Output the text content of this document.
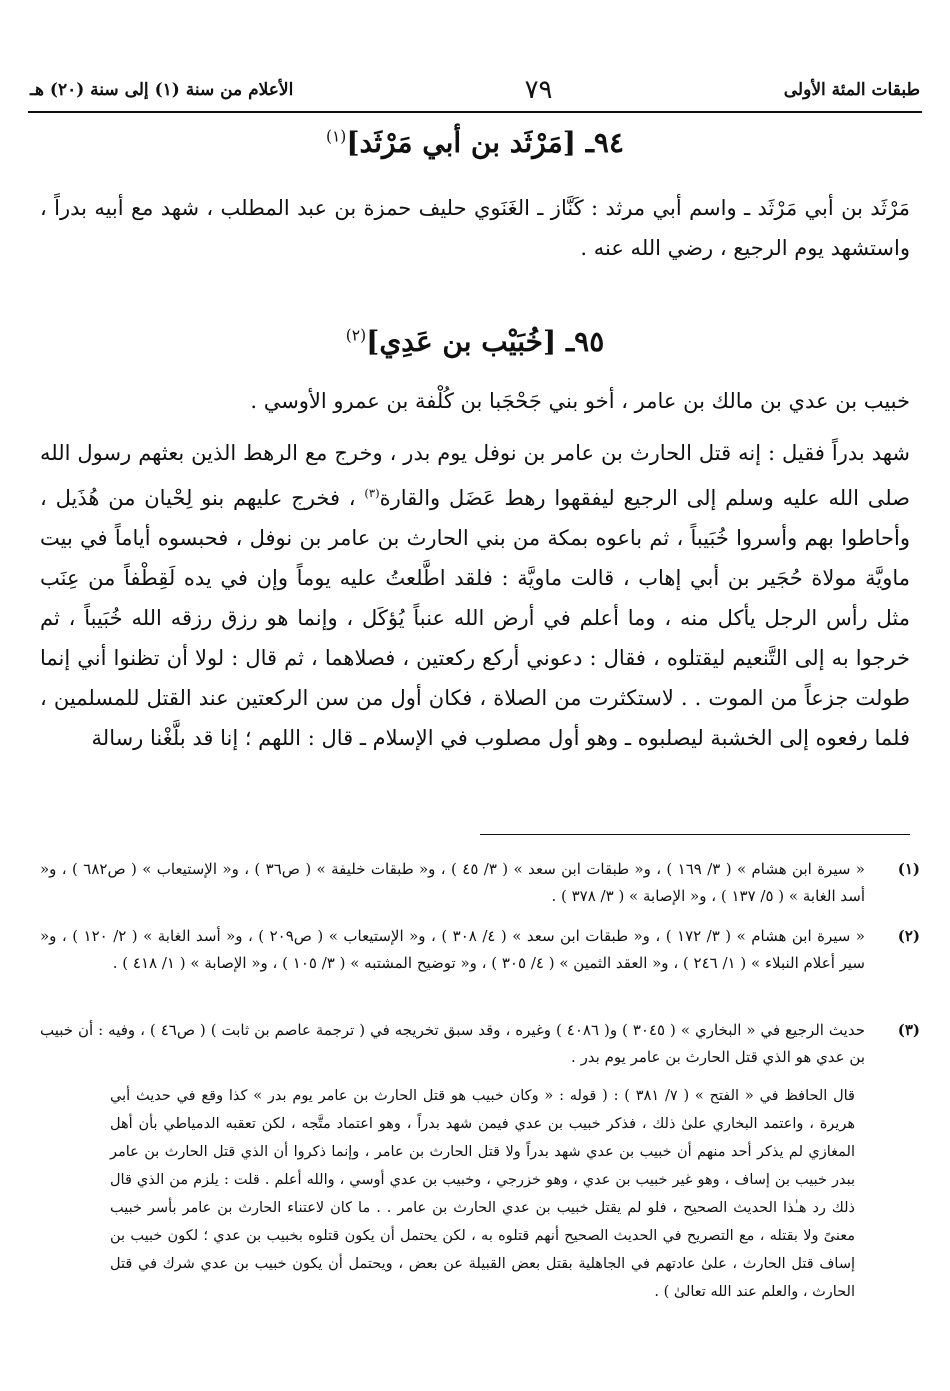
طبقات المئة الأولى
٧٩
الأعلام من سنة (١) إلى سنة (٢٠) هـ
٩٤ـ [مَرْثَد بن أبي مَرْثَد]$^{(١)}$
مَرْثَد بن أبي مَرْثَد ـ واسم أبي مرثد : كَنَّاز ـ الغَنَوي حليف حمزة بن عبد المطلب ، شهد مع أبيه بدراً ، واستشهد يوم الرجيع ، رضي الله عنه .
٩٥ـ [خُبَيْب بن عَدِي]$^{(٢)}$
خبيب بن عدي بن مالك بن عامر ، أخو بني جَحْجَبا بن كُلْفة بن عمرو الأوسي .
شهد بدراً فقيل : إنه قتل الحارث بن عامر بن نوفل يوم بدر ، وخرج مع الرهط الذين بعثهم رسول الله صلى الله عليه وسلم إلى الرجيع ليفقهوا رهط عَضَل والقارة$^{(٣)}$ ، فخرج عليهم بنو لِحْيان من هُذَيل ، وأحاطوا بهم وأسروا خُبَيباً ، ثم باعوه بمكة من بني الحارث بن عامر بن نوفل ، فحبسوه أياماً في بيت ماويَّة مولاة حُجَير بن أبي إهاب ، قالت ماويَّة : فلقد اطَّلعتُ عليه يوماً وإن في يده لَقِطْفاً من عِنَب مثل رأس الرجل يأكل منه ، وما أعلم في أرض الله عنباً يُؤكَل ، وإنما هو رزق رزقه الله خُبَيباً ، ثم خرجوا به إلى التَّنعيم ليقتلوه ، فقال : دعوني أركع ركعتين ، فصلاهما ، ثم قال : لولا أن تظنوا أني إنما طولت جزعاً من الموت . . لاستكثرت من الصلاة ، فكان أول من سن الركعتين عند القتل للمسلمين ، فلما رفعوه إلى الخشبة ليصلبوه ـ وهو أول مصلوب في الإسلام ـ قال : اللهم ؛ إنا قد بلَّغْنا رسالة
(١)
« سيرة ابن هشام » ( ٣/ ١٦٩ ) ، و« طبقات ابن سعد » ( ٣/ ٤٥ ) ، و« طبقات خليفة » ( ص٣٦ ) ، و« الإستيعاب » ( ص٦٨٢ ) ، و« أسد الغابة » ( ٥/ ١٣٧ ) ، و« الإصابة » ( ٣/ ٣٧٨ ) .
(٢)
« سيرة ابن هشام » ( ٣/ ١٧٢ ) ، و« طبقات ابن سعد » ( ٤/ ٣٠٨ ) ، و« الإستيعاب » ( ص٢٠٩ ) ، و« أسد الغابة » ( ٢/ ١٢٠ ) ، و« سير أعلام النبلاء » ( ١/ ٢٤٦ ) ، و« العقد الثمين » ( ٤/ ٣٠٥ ) ، و« توضيح المشتبه » ( ٣/ ١٠٥ ) ، و« الإصابة » ( ١/ ٤١٨ ) .
(٣)
حديث الرجيع في « البخاري » ( ٣٠٤٥ ) و( ٤٠٨٦ ) وغيره ، وقد سبق تخريجه في ( ترجمة عاصم بن ثابت ) ( ص٤٦ ) ، وفيه : أن خبيب بن عدي هو الذي قتل الحارث بن عامر يوم بدر .
قال الحافظ في « الفتح » ( ٧/ ٣٨١ ) : ( قوله : « وكان خبيب هو قتل الحارث بن عامر يوم بدر » كذا وقع في حديث أبي هريرة ، واعتمد البخاري علىٰ ذلك ، فذكر خبيب بن عدي فيمن شهد بدراً ، وهو اعتماد متَّجه ، لكن تعقبه الدمياطي بأن أهل المغازي لم يذكر أحد منهم أن خبيب بن عدي شهد بدراً ولا قتل الحارث بن عامر ، وإنما ذكروا أن الذي قتل الحارث بن عامر ببدر خبيب بن إساف ، وهو غير خبيب بن عدي ، وهو خزرجي ، وخبيب بن عدي أوسي ، والله أعلم . قلت : يلزم من الذي قال ذلك رد هـٰذا الحديث الصحيح ، فلو لم يقتل خبيب بن عدي الحارث بن عامر . . ما كان لاعتناء الحارث بن عامر بأسر خبيب معنىً ولا بقتله ، مع التصريح في الحديث الصحيح أنهم قتلوه به ، لكن يحتمل أن يكون قتلوه بخبيب بن عدي ؛ لكون خبيب بن إساف قتل الحارث ، علىٰ عادتهم في الجاهلية بقتل بعض القبيلة عن بعض ، ويحتمل أن يكون خبيب بن عدي شرك في قتل الحارث ، والعلم عند الله تعالىٰ ) .
